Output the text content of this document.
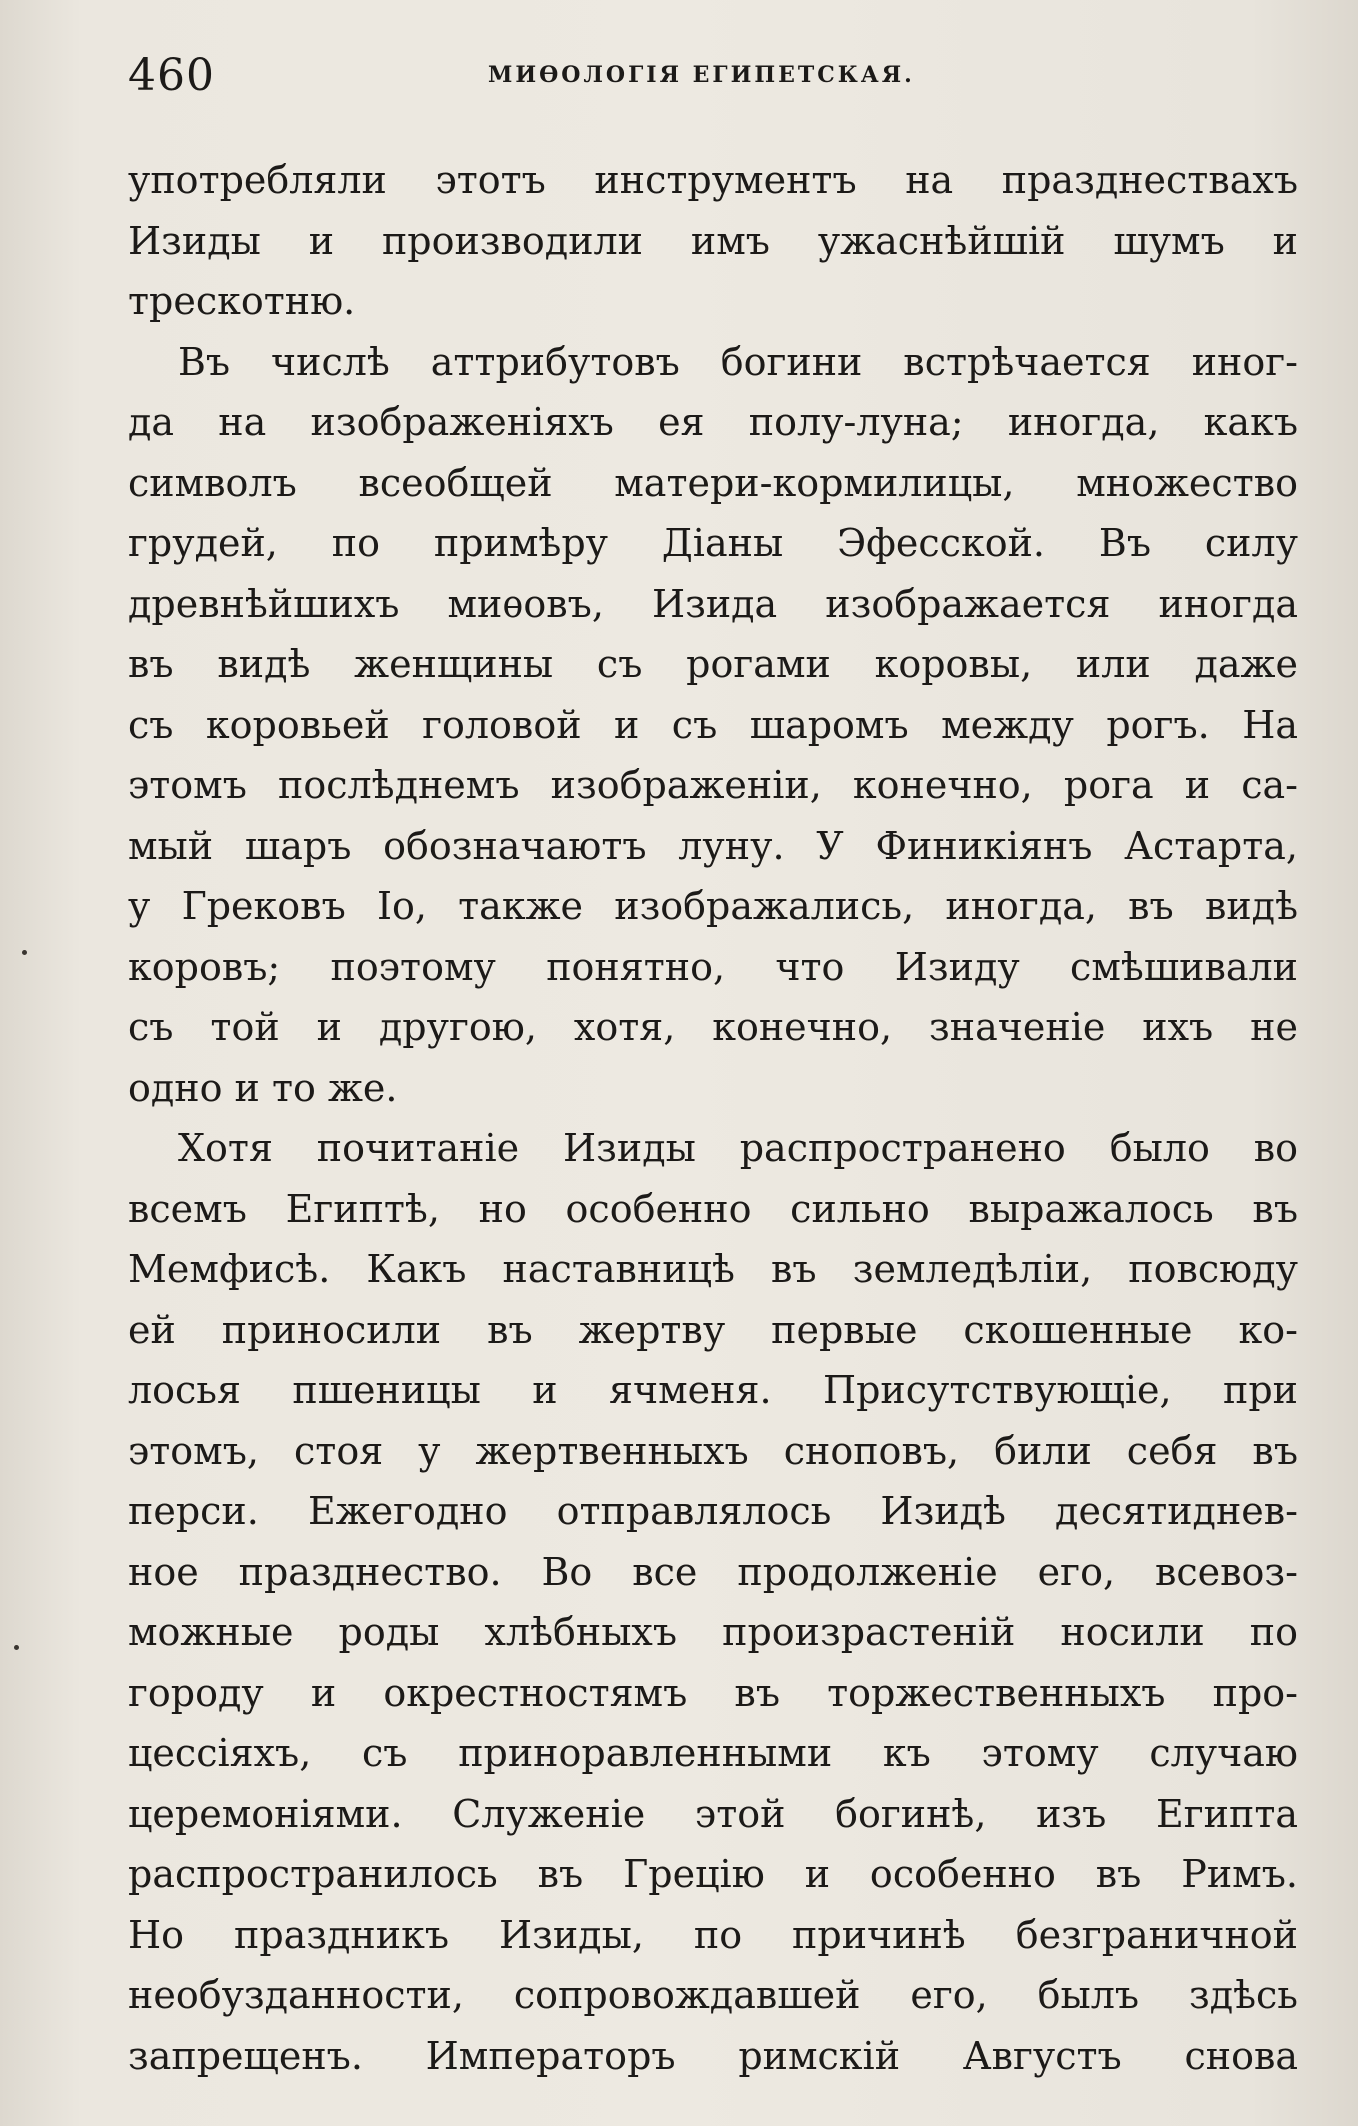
460	МИѲОЛОГІЯ ЕГИПЕТСКАЯ.
употребляли этотъ инструментъ на празднествахъ
Изиды и производили имъ ужаснѣйшій шумъ и
трескотню.
Въ числѣ аттрибутовъ богини встрѣчается иног-
да на изображеніяхъ ея полу-луна; иногда, какъ
символъ всеобщей матери-кормилицы, множество
грудей, по примѣру Діаны Эфесской. Въ силу
древнѣйшихъ миѳовъ, Изида изображается иногда
въ видѣ женщины съ рогами коровы, или даже
съ коровьей головой и съ шаромъ между рогъ. На
этомъ послѣднемъ изображеніи, конечно, рога и са-
мый шаръ обозначаютъ луну. У Финикіянъ Астарта,
у Грековъ Іо, также изображались, иногда, въ видѣ
коровъ; поэтому понятно, что Изиду смѣшивали
съ той и другою, хотя, конечно, значеніе ихъ не
одно и то же.
Хотя почитаніе Изиды распространено было во
всемъ Египтѣ, но особенно сильно выражалось въ
Мемфисѣ. Какъ наставницѣ въ земледѣліи, повсюду
ей приносили въ жертву первые скошенные ко-
лосья пшеницы и ячменя. Присутствующіе, при
этомъ, стоя у жертвенныхъ сноповъ, били себя въ
перси. Ежегодно отправлялось Изидѣ десятиднев-
ное празднество. Во все продолженіе его, всевоз-
можные роды хлѣбныхъ произрастеній носили по
городу и окрестностямъ въ торжественныхъ про-
цессіяхъ, съ приноравленными къ этому случаю
церемоніями. Служеніе этой богинѣ, изъ Египта
распространилось въ Грецію и особенно въ Римъ.
Но праздникъ Изиды, по причинѣ безграничной
необузданности, сопровождавшей его, былъ здѣсь
запрещенъ. Императоръ римскій Августъ снова
